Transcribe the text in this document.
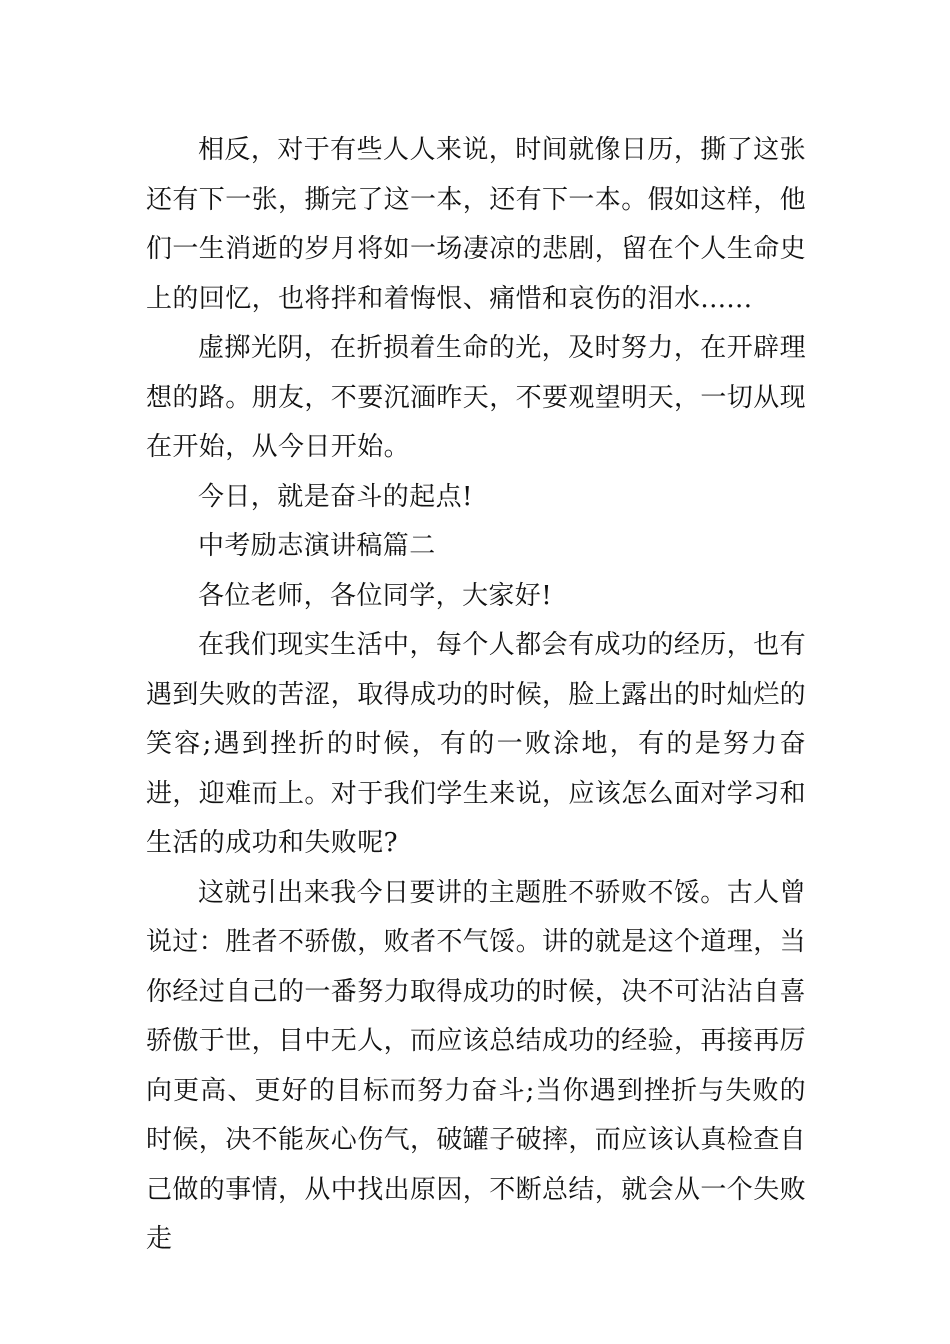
相反，对于有些人人来说，时间就像日历，撕了这张还有下一张，撕完了这一本，还有下一本。假如这样，他们一生消逝的岁月将如一场凄凉的悲剧，留在个人生命史上的回忆，也将拌和着悔恨、痛惜和哀伤的泪水......

虚掷光阴，在折损着生命的光，及时努力，在开辟理想的路。朋友，不要沉湎昨天，不要观望明天，一切从现在开始，从今日开始。

今日，就是奋斗的起点!

中考励志演讲稿篇二

各位老师，各位同学，大家好!

在我们现实生活中，每个人都会有成功的经历，也有遇到失败的苦涩，取得成功的时候，脸上露出的时灿烂的笑容;遇到挫折的时候，有的一败涂地，有的是努力奋进，迎难而上。对于我们学生来说，应该怎么面对学习和生活的成功和失败呢?

这就引出来我今日要讲的主题胜不骄败不馁。古人曾说过：胜者不骄傲，败者不气馁。讲的就是这个道理，当你经过自己的一番努力取得成功的时候，决不可沾沾自喜骄傲于世，目中无人，而应该总结成功的经验，再接再厉向更高、更好的目标而努力奋斗;当你遇到挫折与失败的时候，决不能灰心伤气，破罐子破摔，而应该认真检查自己做的事情，从中找出原因，不断总结，就会从一个失败走
